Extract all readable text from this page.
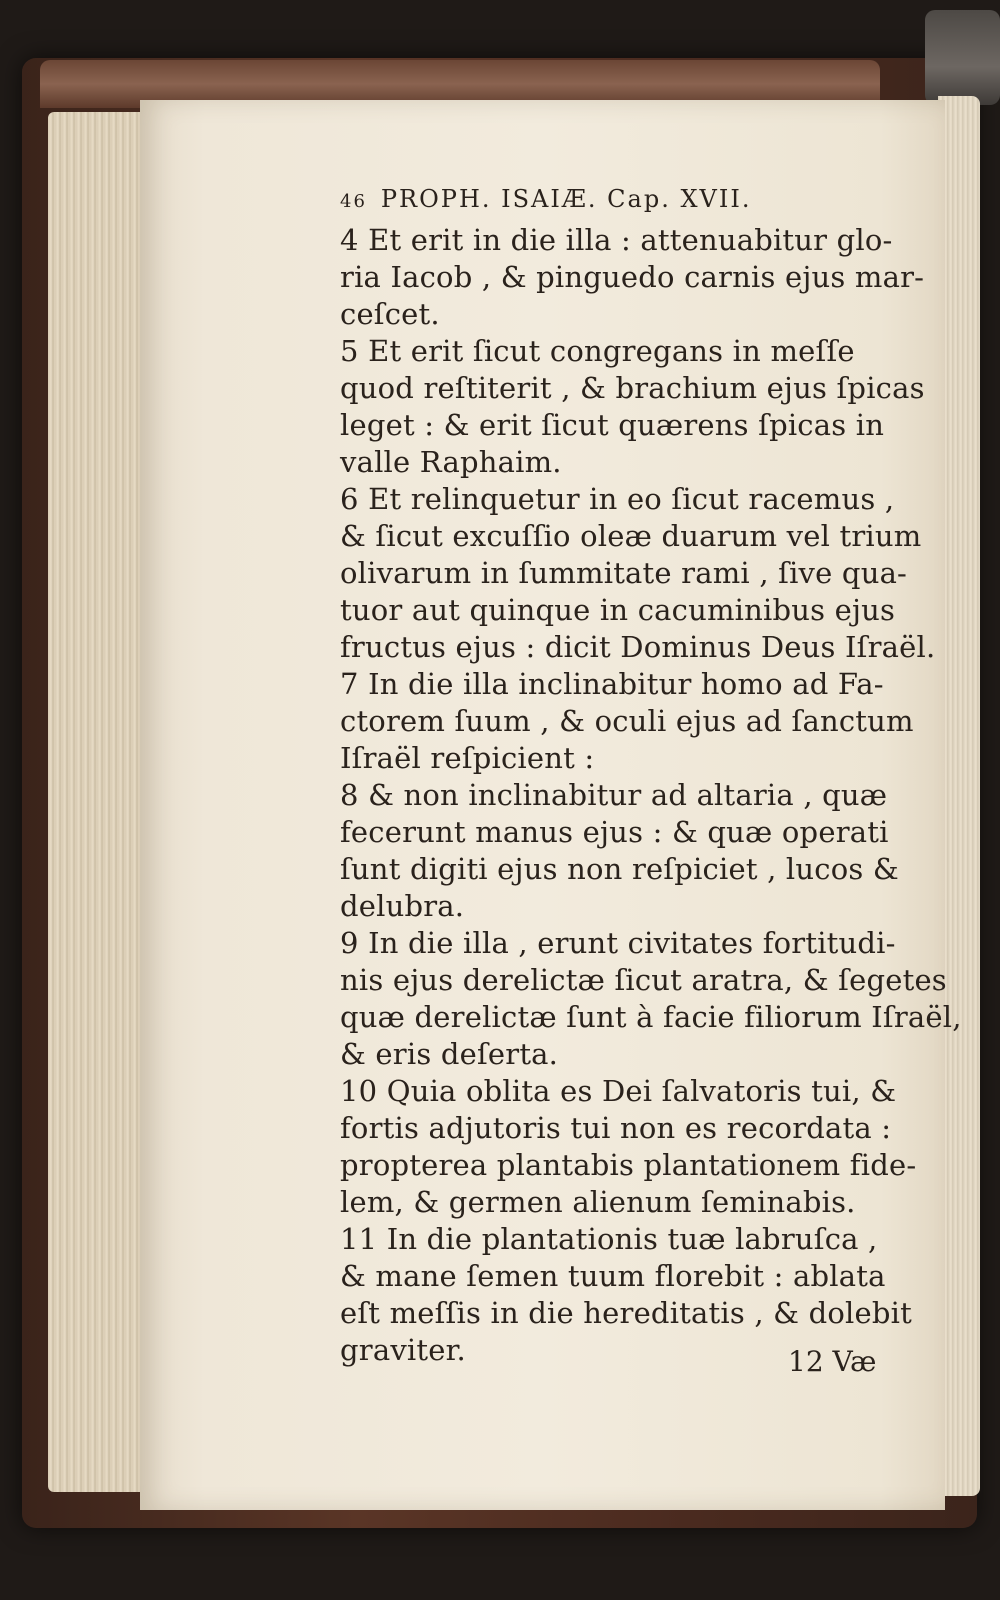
46 PROPH. ISAIÆ. Cap. XVII.
4 Et erit in die illa : attenuabitur glo-
ria Iacob , & pinguedo carnis ejus mar-
ceſcet.
5 Et erit ſicut congregans in meſſe
quod reſtiterit , & brachium ejus ſpicas
leget : & erit ſicut quærens ſpicas in
valle Raphaim.
6 Et relinquetur in eo ſicut racemus ,
& ſicut excuſſio oleæ duarum vel trium
olivarum in ſummitate rami , ſive qua-
tuor aut quinque in cacuminibus ejus
fructus ejus : dicit Dominus Deus Iſraël.
7 In die illa inclinabitur homo ad Fa-
ctorem ſuum , & oculi ejus ad ſanctum
Iſraël reſpicient :
8 & non inclinabitur ad altaria , quæ
fecerunt manus ejus : & quæ operati
ſunt digiti ejus non reſpiciet , lucos &
delubra.
9 In die illa , erunt civitates fortitudi-
nis ejus derelictæ ſicut aratra, & ſegetes
quæ derelictæ ſunt à facie filiorum Iſraël,
& eris deſerta.
10 Quia oblita es Dei ſalvatoris tui, &
fortis adjutoris tui non es recordata :
propterea plantabis plantationem fide-
lem, & germen alienum ſeminabis.
11 In die plantationis tuæ labruſca ,
& mane ſemen tuum florebit : ablata
eſt meſſis in die hereditatis , & dolebit
graviter.	12 Væ
